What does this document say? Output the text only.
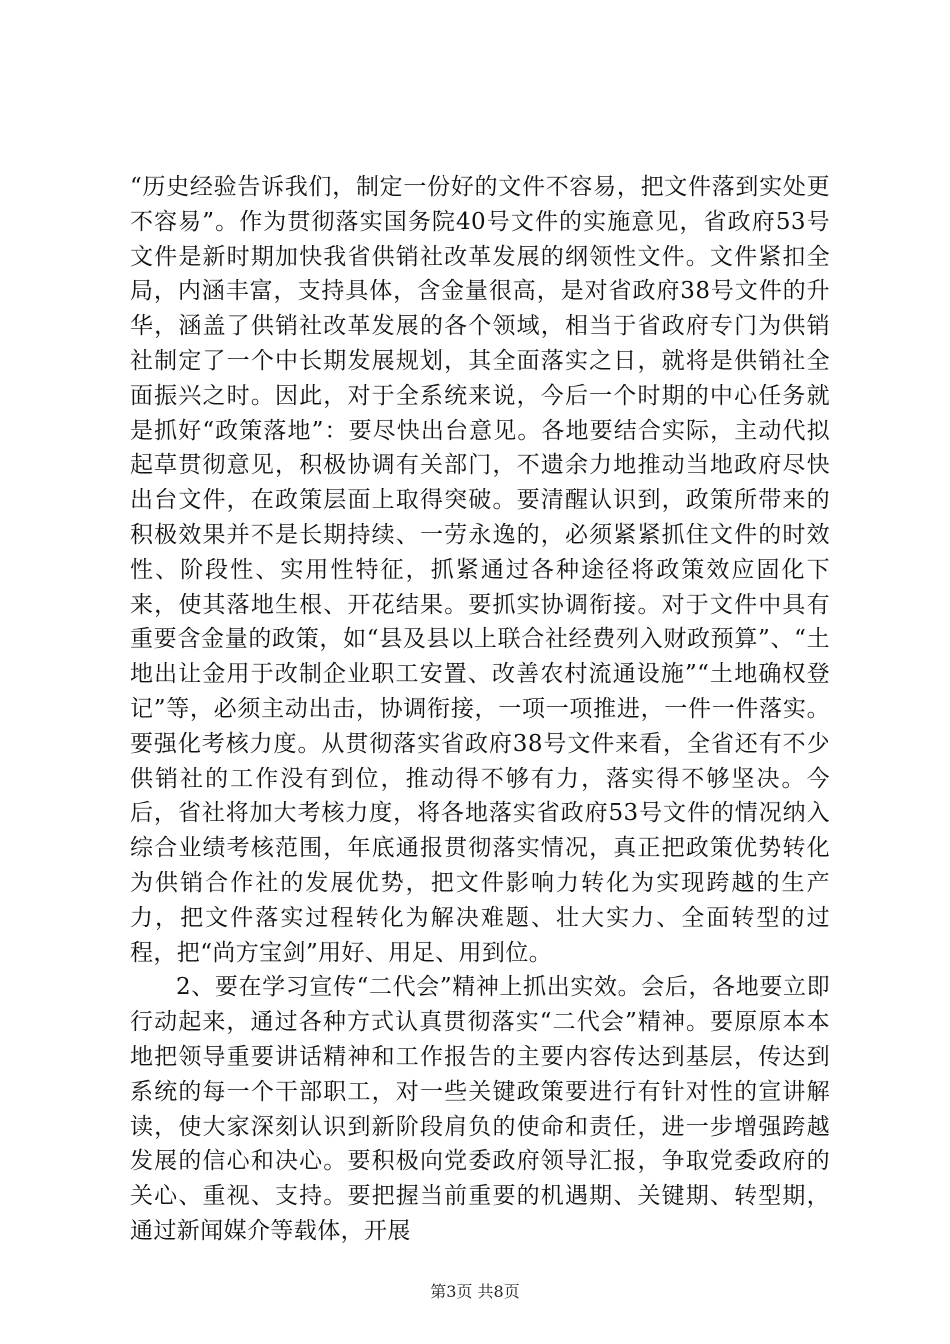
“历史经验告诉我们，制定一份好的文件不容易，把文件落到实处更不容易”。作为贯彻落实国务院40号文件的实施意见，省政府53号文件是新时期加快我省供销社改革发展的纲领性文件。文件紧扣全局，内涵丰富，支持具体，含金量很高，是对省政府38号文件的升华，涵盖了供销社改革发展的各个领域，相当于省政府专门为供销社制定了一个中长期发展规划，其全面落实之日，就将是供销社全面振兴之时。因此，对于全系统来说，今后一个时期的中心任务就是抓好“政策落地”：要尽快出台意见。各地要结合实际，主动代拟起草贯彻意见，积极协调有关部门，不遗余力地推动当地政府尽快出台文件，在政策层面上取得突破。要清醒认识到，政策所带来的积极效果并不是长期持续、一劳永逸的，必须紧紧抓住文件的时效性、阶段性、实用性特征，抓紧通过各种途径将政策效应固化下来，使其落地生根、开花结果。要抓实协调衔接。对于文件中具有重要含金量的政策，如“县及县以上联合社经费列入财政预算”、“土地出让金用于改制企业职工安置、改善农村流通设施”“土地确权登记”等，必须主动出击，协调衔接，一项一项推进，一件一件落实。要强化考核力度。从贯彻落实省政府38号文件来看，全省还有不少供销社的工作没有到位，推动得不够有力，落实得不够坚决。今后，省社将加大考核力度，将各地落实省政府53号文件的情况纳入综合业绩考核范围，年底通报贯彻落实情况，真正把政策优势转化为供销合作社的发展优势，把文件影响力转化为实现跨越的生产力，把文件落实过程转化为解决难题、壮大实力、全面转型的过程，把“尚方宝剑”用好、用足、用到位。

2、要在学习宣传“二代会”精神上抓出实效。会后，各地要立即行动起来，通过各种方式认真贯彻落实“二代会”精神。要原原本本地把领导重要讲话精神和工作报告的主要内容传达到基层，传达到系统的每一个干部职工，对一些关键政策要进行有针对性的宣讲解读，使大家深刻认识到新阶段肩负的使命和责任，进一步增强跨越发展的信心和决心。要积极向党委政府领导汇报，争取党委政府的关心、重视、支持。要把握当前重要的机遇期、关键期、转型期，通过新闻媒介等载体，开展

第3页 共8页
